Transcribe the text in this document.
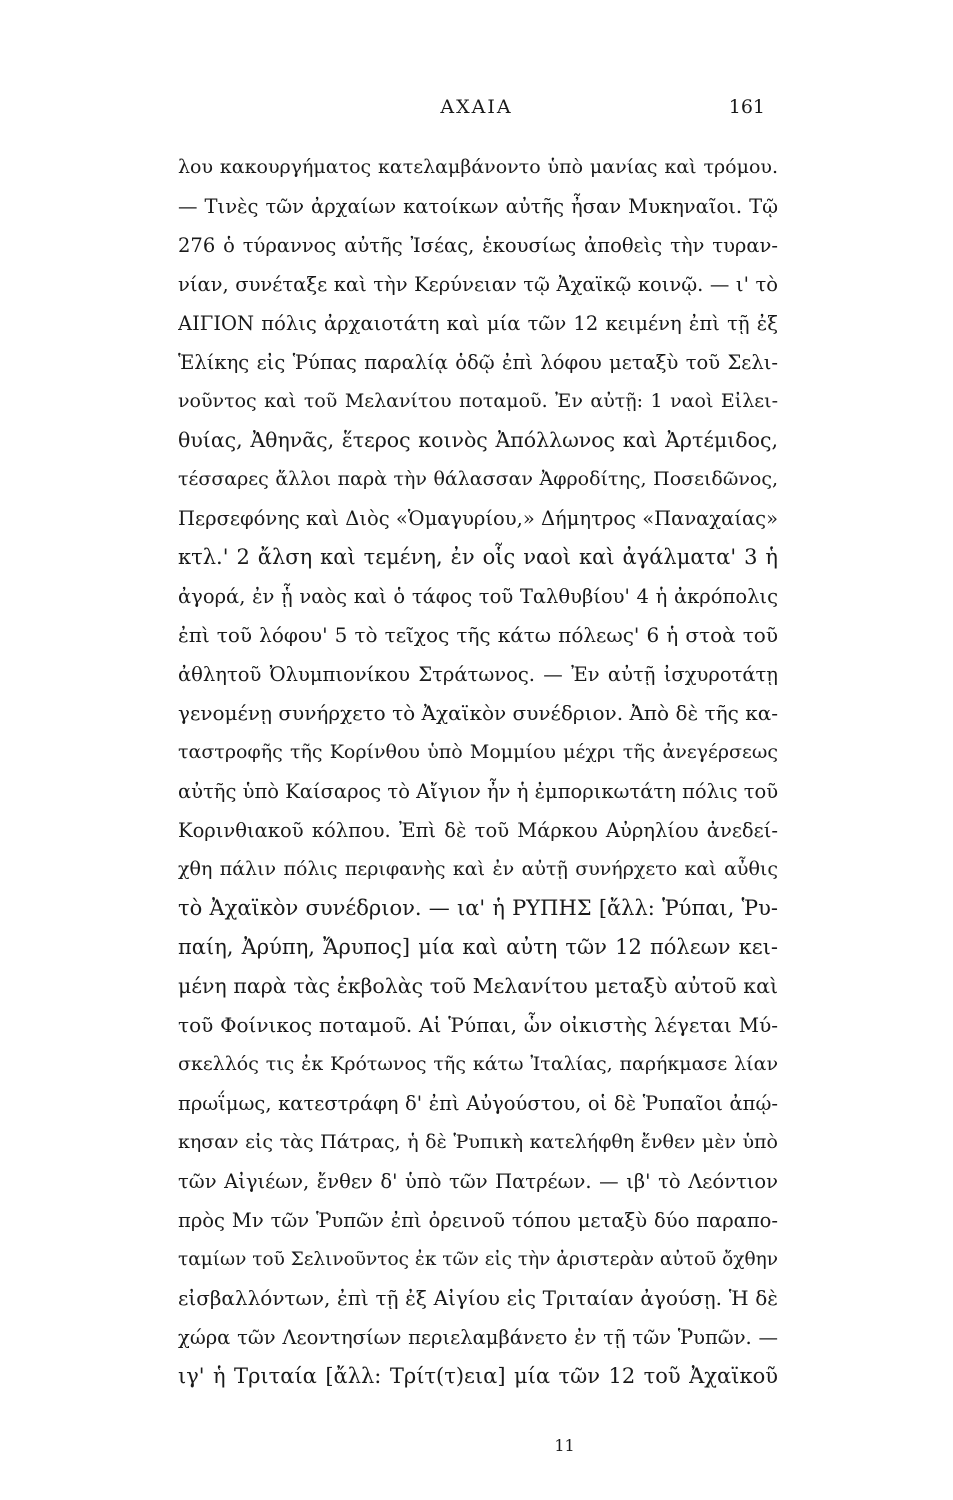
ΑΧΑΙΑ	161
λου κακουργήματος κατελαμβάνοντο ὑπὸ μανίας καὶ τρόμου.
— Τινὲς τῶν ἀρχαίων κατοίκων αὐτῆς ἦσαν Μυκηναῖοι. Τῷ
276 ὁ τύραννος αὐτῆς Ἰσέας, ἑκουσίως ἀποθεὶς τὴν τυραν-
νίαν, συνέταξε καὶ τὴν Κερύνειαν τῷ Ἀχαϊκῷ κοινῷ. — ι' τὸ
ΑΙΓΙΟΝ πόλις ἀρχαιοτάτη καὶ μία τῶν 12 κειμένη ἐπὶ τῇ ἐξ
Ἑλίκης εἰς Ῥύπας παραλίᾳ ὁδῷ ἐπὶ λόφου μεταξὺ τοῦ Σελι-
νοῦντος καὶ τοῦ Μελανίτου ποταμοῦ. Ἐν αὐτῇ: 1 ναοὶ Εἰλει-
θυίας, Ἀθηνᾶς, ἕτερος κοινὸς Ἀπόλλωνος καὶ Ἀρτέμιδος,
τέσσαρες ἄλλοι παρὰ τὴν θάλασσαν Ἀφροδίτης, Ποσειδῶνος,
Περσεφόνης καὶ Διὸς «Ὁμαγυρίου,» Δήμητρος «Παναχαίας»
κτλ.' 2 ἄλση καὶ τεμένη, ἐν οἷς ναοὶ καὶ ἀγάλματα' 3 ἡ
ἀγορά, ἐν ᾗ ναὸς καὶ ὁ τάφος τοῦ Ταλθυβίου' 4 ἡ ἀκρόπολις
ἐπὶ τοῦ λόφου' 5 τὸ τεῖχος τῆς κάτω πόλεως' 6 ἡ στοὰ τοῦ
ἀθλητοῦ Ὀλυμπιονίκου Στράτωνος. — Ἐν αὐτῇ ἰσχυροτάτῃ
γενομένῃ συνήρχετο τὸ Ἀχαϊκὸν συνέδριον. Ἀπὸ δὲ τῆς κα-
ταστροφῆς τῆς Κορίνθου ὑπὸ Μομμίου μέχρι τῆς ἀνεγέρσεως
αὐτῆς ὑπὸ Καίσαρος τὸ Αἴγιον ἦν ἡ ἐμπορικωτάτη πόλις τοῦ
Κορινθιακοῦ κόλπου. Ἐπὶ δὲ τοῦ Μάρκου Αὐρηλίου ἀνεδεί-
χθη πάλιν πόλις περιφανὴς καὶ ἐν αὐτῇ συνήρχετο καὶ αὖθις
τὸ Ἀχαϊκὸν συνέδριον. — ια' ἡ ΡΥΠΗΣ [ἄλλ: Ῥύπαι, Ῥυ-
παίη, Ἀρύπη, Ἄρυπος] μία καὶ αὐτη τῶν 12 πόλεων κει-
μένη παρὰ τὰς ἐκβολὰς τοῦ Μελανίτου μεταξὺ αὐτοῦ καὶ
τοῦ Φοίνικος ποταμοῦ. Αἱ Ῥύπαι, ὧν οἰκιστὴς λέγεται Μύ-
σκελλός τις ἐκ Κρότωνος τῆς κάτω Ἰταλίας, παρήκμασε λίαν
πρωΐμως, κατεστράφη δ' ἐπὶ Αὐγούστου, οἱ δὲ Ῥυπαῖοι ἀπῴ-
κησαν εἰς τὰς Πάτρας, ἡ δὲ Ῥυπικὴ κατελήφθη ἔνθεν μὲν ὑπὸ
τῶν Αἰγιέων, ἔνθεν δ' ὑπὸ τῶν Πατρέων. — ιβ' τὸ Λεόντιον
πρὸς Μν τῶν Ῥυπῶν ἐπὶ ὀρεινοῦ τόπου μεταξὺ δύο παραπο-
ταμίων τοῦ Σελινοῦντος ἐκ τῶν εἰς τὴν ἀριστερὰν αὐτοῦ ὄχθην
εἰσβαλλόντων, ἐπὶ τῇ ἐξ Αἰγίου εἰς Τριταίαν ἀγούσῃ. Ἡ δὲ
χώρα τῶν Λεοντησίων περιελαμβάνετο ἐν τῇ τῶν Ῥυπῶν. —
ιγ' ἡ Τριταία [ἄλλ: Τρίτ(τ)εια] μία τῶν 12 τοῦ Ἀχαϊκοῦ
11
